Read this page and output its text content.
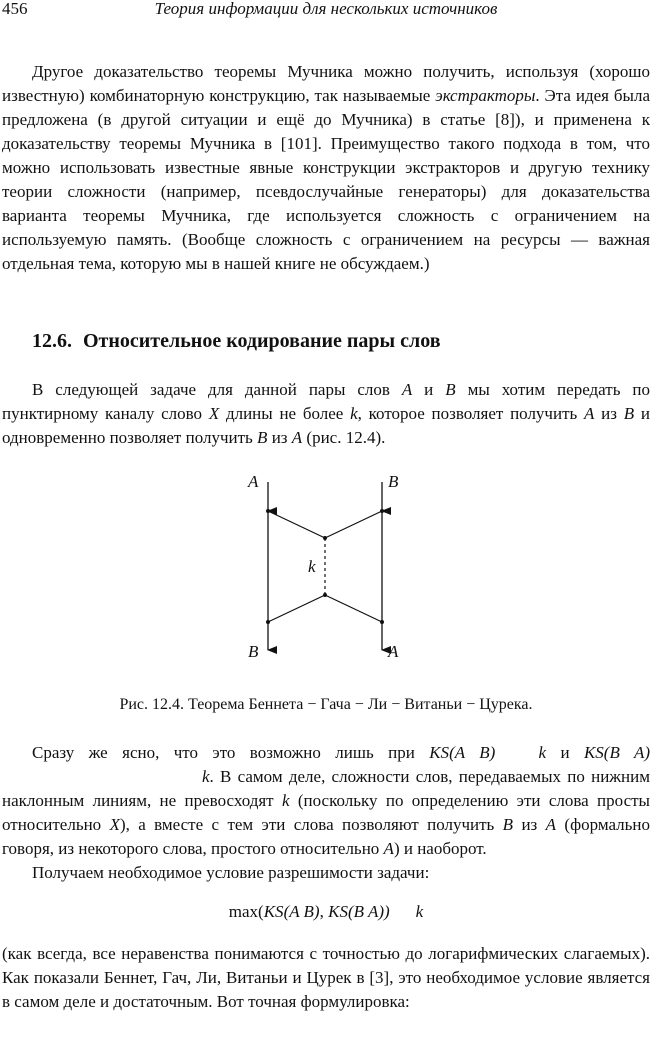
456	Теория информации для нескольких источников

Другое доказательство теоремы Мучника можно получить, используя (хорошо известную) комбинаторную конструкцию, так называемые экстракторы. Эта идея была предложена (в другой ситуации и ещё до Мучника) в статье [8]), и применена к доказательству теоремы Мучника в [101]. Преимущество такого подхода в том, что можно использовать известные явные конструкции экстракторов и другую технику теории сложности (например, псевдослучайные генераторы) для доказательства варианта теоремы Мучника, где используется сложность с ограничением на используемую память. (Вообще сложность с ограничением на ресурсы — важная отдельная тема, которую мы в нашей книге не обсуждаем.)

12.6. Относительное кодирование пары слов

В следующей задаче для данной пары слов A и B мы хотим передать по пунктирному каналу слово X длины не более k, которое позволяет получить A из B и одновременно позволяет получить B из A (рис. 12.4).

A	B
k
B	A
Рис. 12.4. Теорема Беннета − Гача − Ли − Витаньи − Цурека.

Сразу же ясно, что это возможно лишь при KS(A B)	k и KS(B A)k. В самом деле, сложности слов, передаваемых по нижним наклонным линиям, не превосходят k (поскольку по определению эти слова просты относительно X), а вместе с тем эти слова позволяют получить B из A (формально говоря, из некоторого слова, простого относительно A) и наоборот.

Получаем необходимое условие разрешимости задачи:

max(KS(A B), KS(B A)) k

(как всегда, все неравенства понимаются с точностью до логарифмических слагаемых). Как показали Беннет, Гач, Ли, Витаньи и Цурек в [3], это необходимое условие является в самом деле и достаточным. Вот точная формулировка:
